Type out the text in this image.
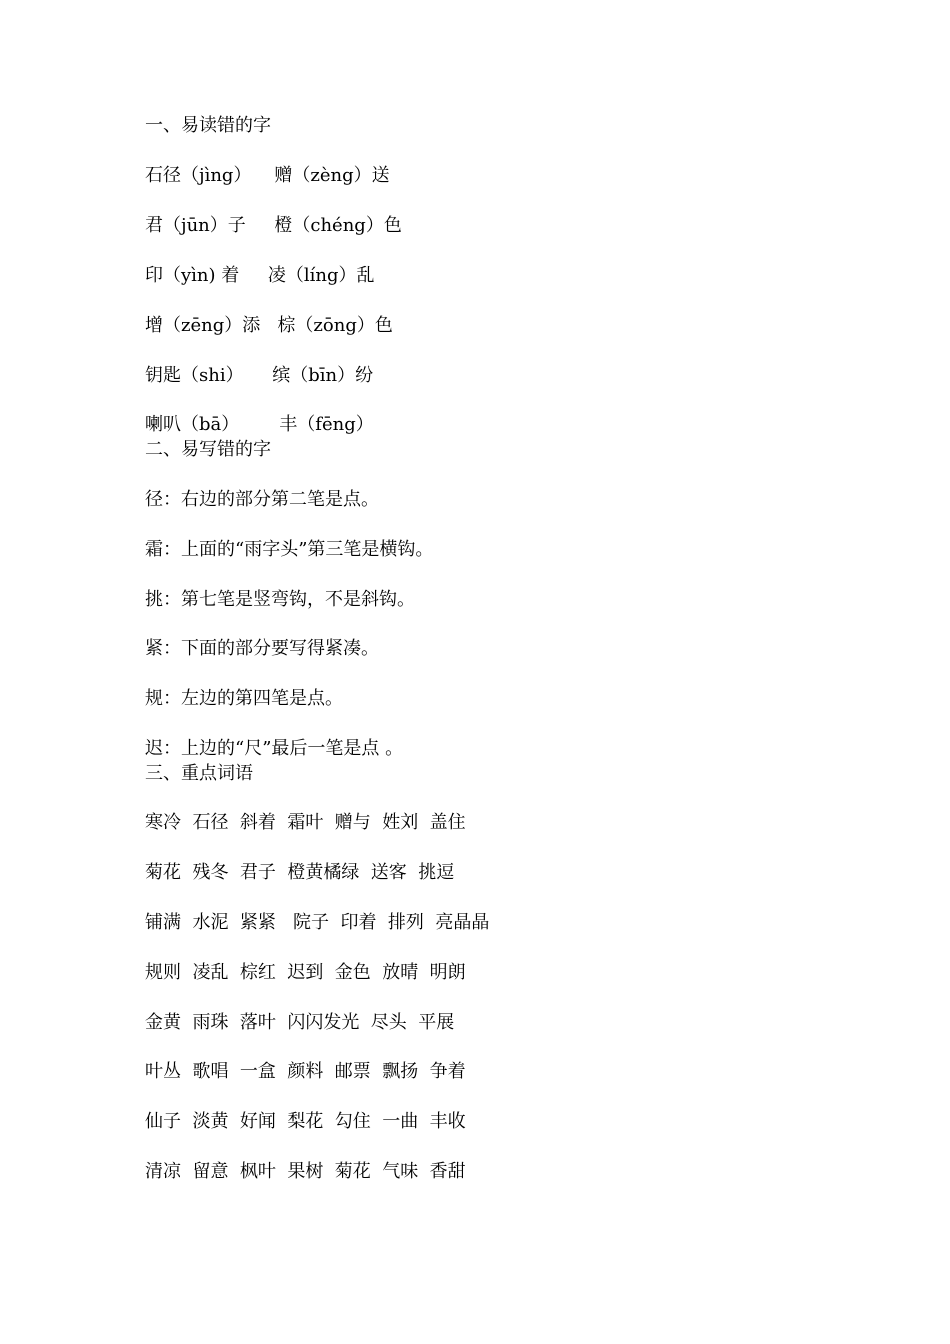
一、易读错的字

石径（jìng）    赠（zèng）送

君（jūn）子     橙（chéng）色

印（yìn) 着     凌（líng）乱

增（zēng）添   棕（zōng）色

钥匙（shi）     缤（bīn）纷

喇叭（bā）       丰（fēng）

二、易写错的字

径：右边的部分第二笔是点。

霜：上面的“雨字头”第三笔是横钩。

挑：第七笔是竖弯钩，不是斜钩。

紧：下面的部分要写得紧凑。

规：左边的第四笔是点。

迟：上边的“尺”最后一笔是点 。

三、重点词语

寒冷  石径  斜着  霜叶  赠与  姓刘  盖住

菊花  残冬  君子  橙黄橘绿  送客  挑逗

铺满  水泥  紧紧   院子  印着  排列  亮晶晶

规则  凌乱  棕红  迟到  金色  放晴  明朗

金黄  雨珠  落叶  闪闪发光  尽头  平展

叶丛  歌唱  一盒  颜料  邮票  飘扬  争着

仙子  淡黄  好闻  梨花  勾住  一曲  丰收

清凉  留意  枫叶  果树  菊花  气味  香甜
